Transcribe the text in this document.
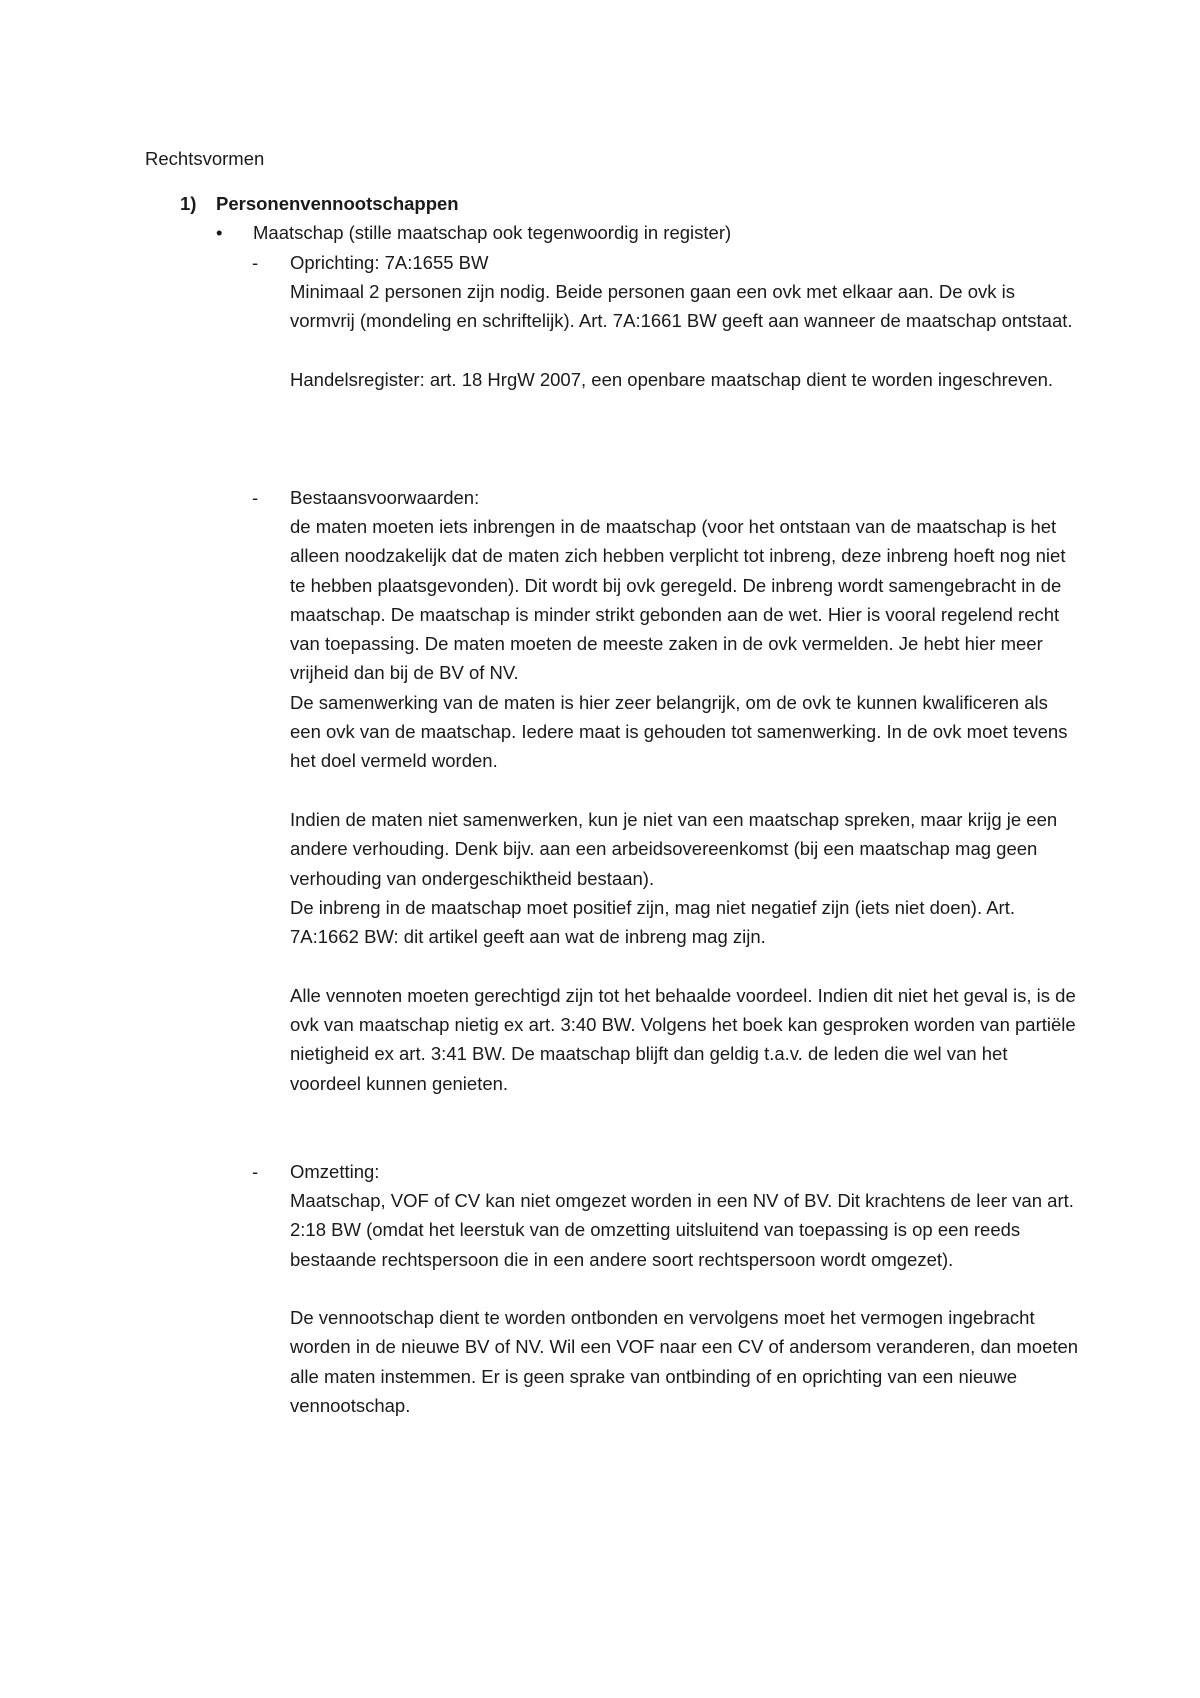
Rechtsvormen
1) Personenvennootschappen
• Maatschap (stille maatschap ook tegenwoordig in register)
- Oprichting: 7A:1655 BW

Minimaal 2 personen zijn nodig. Beide personen gaan een ovk met elkaar aan. De ovk is vormvrij (mondeling en schriftelijk). Art. 7A:1661 BW geeft aan wanneer de maatschap ontstaat.

Handelsregister: art. 18 HrgW 2007, een openbare maatschap dient te worden ingeschreven.

- Bestaansvoorwaarden:

de maten moeten iets inbrengen in de maatschap (voor het ontstaan van de maatschap is het alleen noodzakelijk dat de maten zich hebben verplicht tot inbreng, deze inbreng hoeft nog niet te hebben plaatsgevonden). Dit wordt bij ovk geregeld. De inbreng wordt samengebracht in de maatschap. De maatschap is minder strikt gebonden aan de wet. Hier is vooral regelend recht van toepassing. De maten moeten de meeste zaken in de ovk vermelden. Je hebt hier meer vrijheid dan bij de BV of NV.

De samenwerking van de maten is hier zeer belangrijk, om de ovk te kunnen kwalificeren als een ovk van de maatschap. Iedere maat is gehouden tot samenwerking. In de ovk moet tevens het doel vermeld worden.

Indien de maten niet samenwerken, kun je niet van een maatschap spreken, maar krijg je een andere verhouding. Denk bijv. aan een arbeidsovereenkomst (bij een maatschap mag geen verhouding van ondergeschiktheid bestaan).

De inbreng in de maatschap moet positief zijn, mag niet negatief zijn (iets niet doen). Art. 7A:1662 BW: dit artikel geeft aan wat de inbreng mag zijn.

Alle vennoten moeten gerechtigd zijn tot het behaalde voordeel. Indien dit niet het geval is, is de ovk van maatschap nietig ex art. 3:40 BW. Volgens het boek kan gesproken worden van partiële nietigheid ex art. 3:41 BW. De maatschap blijft dan geldig t.a.v. de leden die wel van het voordeel kunnen genieten.

- Omzetting:

Maatschap, VOF of CV kan niet omgezet worden in een NV of BV. Dit krachtens de leer van art. 2:18 BW (omdat het leerstuk van de omzetting uitsluitend van toepassing is op een reeds bestaande rechtspersoon die in een andere soort rechtspersoon wordt omgezet).

De vennootschap dient te worden ontbonden en vervolgens moet het vermogen ingebracht worden in de nieuwe BV of NV. Wil een VOF naar een CV of andersom veranderen, dan moeten alle maten instemmen. Er is geen sprake van ontbinding of en oprichting van een nieuwe vennootschap.
